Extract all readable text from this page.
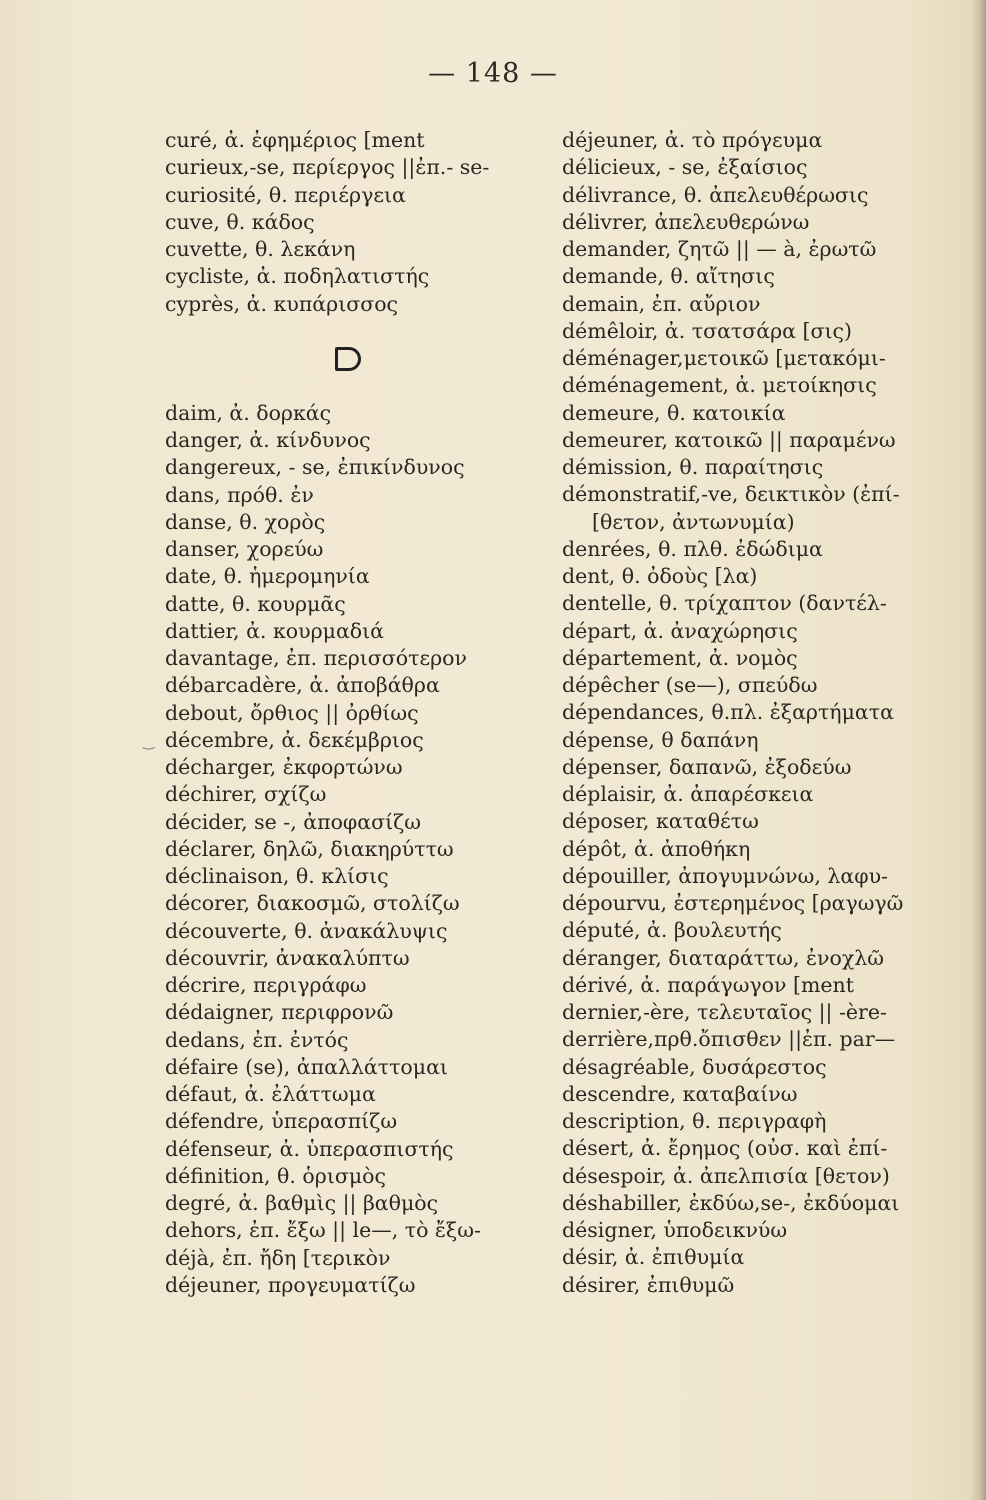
— 148 —
curé, ἀ. ἐφημέριος [ment
curieux,-se, περίεργος ||ἐπ.- se-
curiosité, θ. περιέργεια
cuve, θ. κάδος
cuvette, θ. λεκάνη
cycliste, ἀ. ποδηλατιστής
cyprès, ἀ. κυπάρισσος
daim, ἀ. δορκάς
danger, ἀ. κίνδυνος
dangereux, - se, ἐπικίνδυνος
dans, πρόθ. ἐν
danse, θ. χορὸς
danser, χορεύω
date, θ. ἡμερομηνία
datte, θ. κουρμᾶς
dattier, ἀ. κουρμαδιά
davantage, ἐπ. περισσότερον
débarcadère, ἀ. ἀποβάθρα
debout, ὄρθιος || ὀρθίως
décembre, ἀ. δεκέμβριος
décharger, ἐκφορτώνω
déchirer, σχίζω
décider, se -, ἀποφασίζω
déclarer, δηλῶ, διακηρύττω
déclinaison, θ. κλίσις
décorer, διακοσμῶ, στολίζω
découverte, θ. ἀνακάλυψις
découvrir, ἀνακαλύπτω
décrire, περιγράφω
dédaigner, περιφρονῶ
dedans, ἐπ. ἐντός
défaire (se), ἀπαλλάττομαι
défaut, ἀ. ἐλάττωμα
défendre, ὑπερασπίζω
défenseur, ἀ. ὑπερασπιστής
définition, θ. ὁρισμὸς
degré, ἀ. βαθμὶς || βαθμὸς
dehors, ἐπ. ἔξω || le—, τὸ ἔξω-
déjà, ἐπ. ἤδη [τερικὸν
déjeuner, προγευματίζω
‿
déjeuner, ἀ. τὸ πρόγευμα
délicieux, - se, ἐξαίσιος
délivrance, θ. ἀπελευθέρωσις
délivrer, ἀπελευθερώνω
demander, ζητῶ || — à, ἐρωτῶ
demande, θ. αἴτησις
demain, ἐπ. αὔριον
démêloir, ἀ. τσατσάρα [σις)
déménager,μετοικῶ [μετακόμι-
déménagement, ἀ. μετοίκησις
demeure, θ. κατοικία
demeurer, κατοικῶ || παραμένω
démission, θ. παραίτησις
démonstratif,-ve, δεικτικὸν (ἐπί-
[θετον, ἀντωνυμία)
denrées, θ. πλθ. ἐδώδιμα
dent, θ. ὀδοὺς [λα)
dentelle, θ. τρίχαπτον (δαντέλ-
départ, ἀ. ἀναχώρησις
département, ἀ. νομὸς
dépêcher (se—), σπεύδω
dépendances, θ.πλ. ἐξαρτήματα
dépense, θ δαπάνη
dépenser, δαπανῶ, ἐξοδεύω
déplaisir, ἀ. ἀπαρέσκεια
déposer, καταθέτω
dépôt, ἀ. ἀποθήκη
dépouiller, ἀπογυμνώνω, λαφυ-
dépourvu, ἐστερημένος [ραγωγῶ
député, ἀ. βουλευτής
déranger, διαταράττω, ἐνοχλῶ
dérivé, ἀ. παράγωγον [ment
dernier,-ère, τελευταῖος || -ère-
derrière,πρθ.ὄπισθεν ||ἐπ. par—
désagréable, δυσάρεστος
descendre, καταβαίνω
description, θ. περιγραφὴ
désert, ἀ. ἔρημος (οὐσ. καὶ ἐπί-
désespoir, ἀ. ἀπελπισία [θετον)
déshabiller, ἐκδύω,se-, ἐκδύομαι
désigner, ὑποδεικνύω
désir, ἀ. ἐπιθυμία
désirer, ἐπιθυμῶ
